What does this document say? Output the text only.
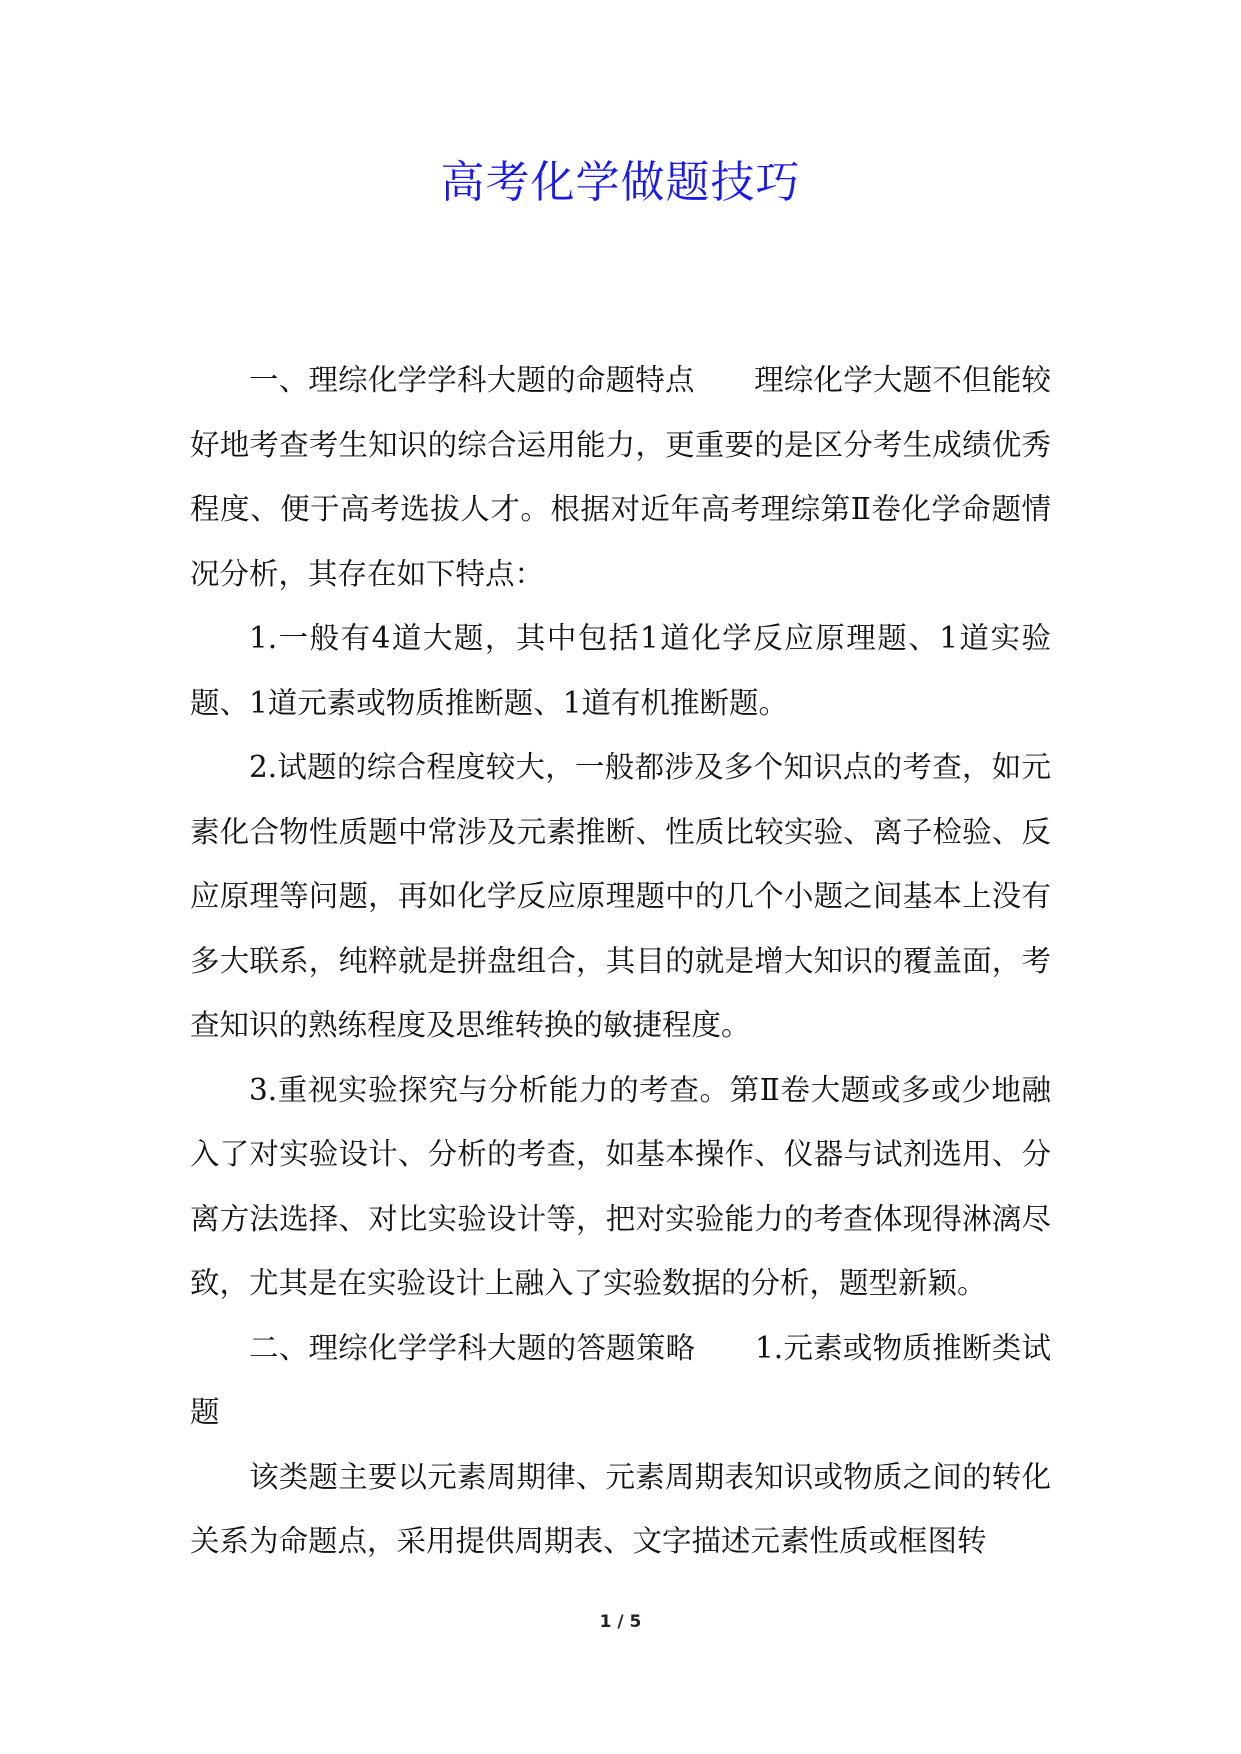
高考化学做题技巧

一、理综化学学科大题的命题特点　　理综化学大题不但能较好地考查考生知识的综合运用能力，更重要的是区分考生成绩优秀程度、便于高考选拔人才。根据对近年高考理综第Ⅱ卷化学命题情况分析，其存在如下特点：

1.一般有4道大题，其中包括1道化学反应原理题、1道实验题、1道元素或物质推断题、1道有机推断题。

2.试题的综合程度较大，一般都涉及多个知识点的考查，如元素化合物性质题中常涉及元素推断、性质比较实验、离子检验、反应原理等问题，再如化学反应原理题中的几个小题之间基本上没有多大联系，纯粹就是拼盘组合，其目的就是增大知识的覆盖面，考查知识的熟练程度及思维转换的敏捷程度。

3.重视实验探究与分析能力的考查。第Ⅱ卷大题或多或少地融入了对实验设计、分析的考查，如基本操作、仪器与试剂选用、分离方法选择、对比实验设计等，把对实验能力的考查体现得淋漓尽致，尤其是在实验设计上融入了实验数据的分析，题型新颖。

二、理综化学学科大题的答题策略　　1.元素或物质推断类试题

该类题主要以元素周期律、元素周期表知识或物质之间的转化关系为命题点，采用提供周期表、文字描述元素性质或框图转

1 / 5
